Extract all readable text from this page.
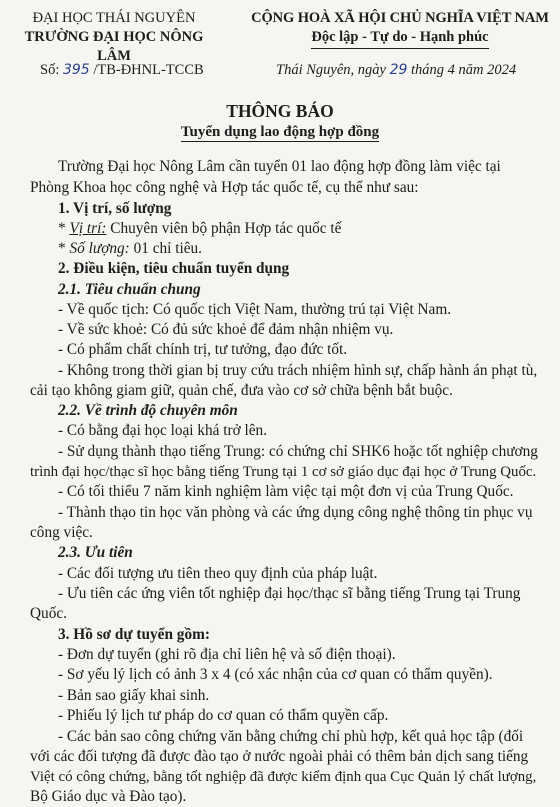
ĐẠI HỌC THÁI NGUYÊN
TRƯỜNG ĐẠI HỌC NÔNG LÂM
CỘNG HOÀ XÃ HỘI CHỦ NGHĨA VIỆT NAM
Độc lập - Tự do - Hạnh phúc
Số: 395 /TB-ĐHNL-TCCB	Thái Nguyên, ngày 29 tháng 4 năm 2024
THÔNG BÁO
Tuyển dụng lao động hợp đồng
Trường Đại học Nông Lâm cần tuyển 01 lao động hợp đồng làm việc tại
Phòng Khoa học công nghệ và Hợp tác quốc tế, cụ thể như sau:
1. Vị trí, số lượng
* Vị trí: Chuyên viên bộ phận Hợp tác quốc tế
* Số lượng: 01 chỉ tiêu.
2. Điều kiện, tiêu chuẩn tuyển dụng
2.1. Tiêu chuẩn chung
- Về quốc tịch: Có quốc tịch Việt Nam, thường trú tại Việt Nam.
- Về sức khoẻ: Có đủ sức khoẻ để đảm nhận nhiệm vụ.
- Có phẩm chất chính trị, tư tưởng, đạo đức tốt.
- Không trong thời gian bị truy cứu trách nhiệm hình sự, chấp hành án phạt tù,
cải tạo không giam giữ, quản chế, đưa vào cơ sở chữa bệnh bắt buộc.
2.2. Về trình độ chuyên môn
- Có bằng đại học loại khá trở lên.
- Sử dụng thành thạo tiếng Trung: có chứng chỉ SHK6 hoặc tốt nghiệp chương
trình đại học/thạc sĩ học bằng tiếng Trung tại 1 cơ sở giáo dục đại học ở Trung Quốc.
- Có tối thiểu 7 năm kinh nghiệm làm việc tại một đơn vị của Trung Quốc.
- Thành thạo tin học văn phòng và các ứng dụng công nghệ thông tin phục vụ
công việc.
2.3. Ưu tiên
- Các đối tượng ưu tiên theo quy định của pháp luật.
- Ưu tiên các ứng viên tốt nghiệp đại học/thạc sĩ bằng tiếng Trung tại Trung
Quốc.
3. Hồ sơ dự tuyển gồm:
- Đơn dự tuyển (ghi rõ địa chỉ liên hệ và số điện thoại).
- Sơ yếu lý lịch có ảnh 3 x 4 (có xác nhận của cơ quan có thẩm quyền).
- Bản sao giấy khai sinh.
- Phiếu lý lịch tư pháp do cơ quan có thẩm quyền cấp.
- Các bản sao công chứng văn bằng chứng chỉ phù hợp, kết quả học tập (đối
với các đối tượng đã được đào tạo ở nước ngoài phải có thêm bản dịch sang tiếng
Việt có công chứng, bằng tốt nghiệp đã được kiểm định qua Cục Quản lý chất lượng,
Bộ Giáo dục và Đào tạo).
